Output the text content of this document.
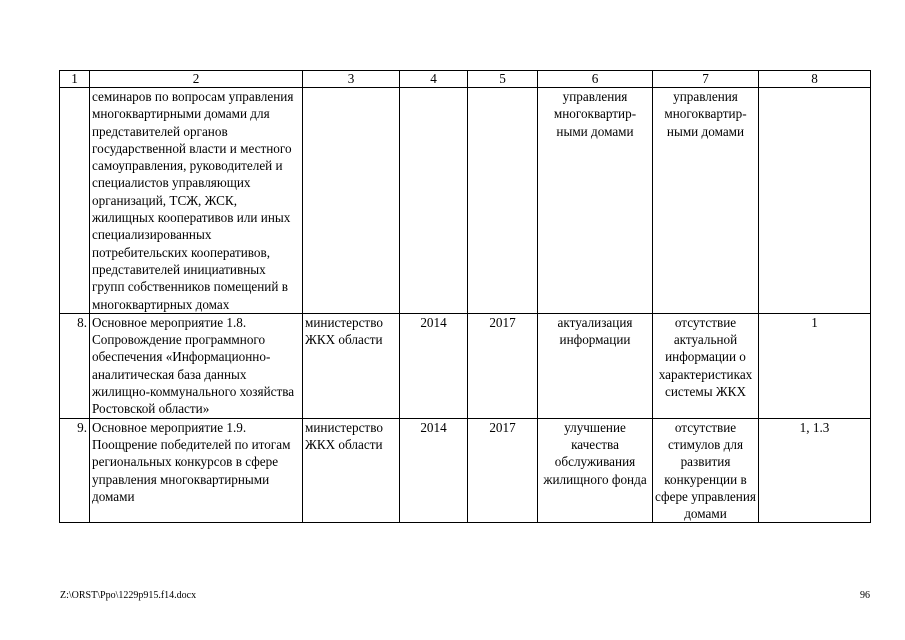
1	2	3	4	5	6	7	8
	семинаров по вопросам управления многоквартирными домами для представителей органов государственной власти и местного самоуправления, руководителей и специалистов управляющих организаций, ТСЖ, ЖСК, жилищных кооперативов или иных специализированных потребительских кооперативов, представителей инициативных групп собственников помещений в многоквартирных домах				управления многоквартир-ными домами	управления многоквартир-ными домами	
8.	Основное мероприятие 1.8. Сопровождение программного обеспечения «Информационно-аналитическая база данных жилищно-коммунального хозяйства Ростовской области»	министерство ЖКХ области	2014	2017	актуализация информации	отсутствие актуальной информации о характеристиках системы ЖКХ	1
9.	Основное мероприятие 1.9. Поощрение победителей по итогам региональных конкурсов в сфере управления многоквартирными домами	министерство ЖКХ области	2014	2017	улучшение качества обслуживания жилищного фонда	отсутствие стимулов для развития конкуренции в сфере управления домами	1, 1.3
Z:\ORST\Ppo\1229p915.f14.docx	96
